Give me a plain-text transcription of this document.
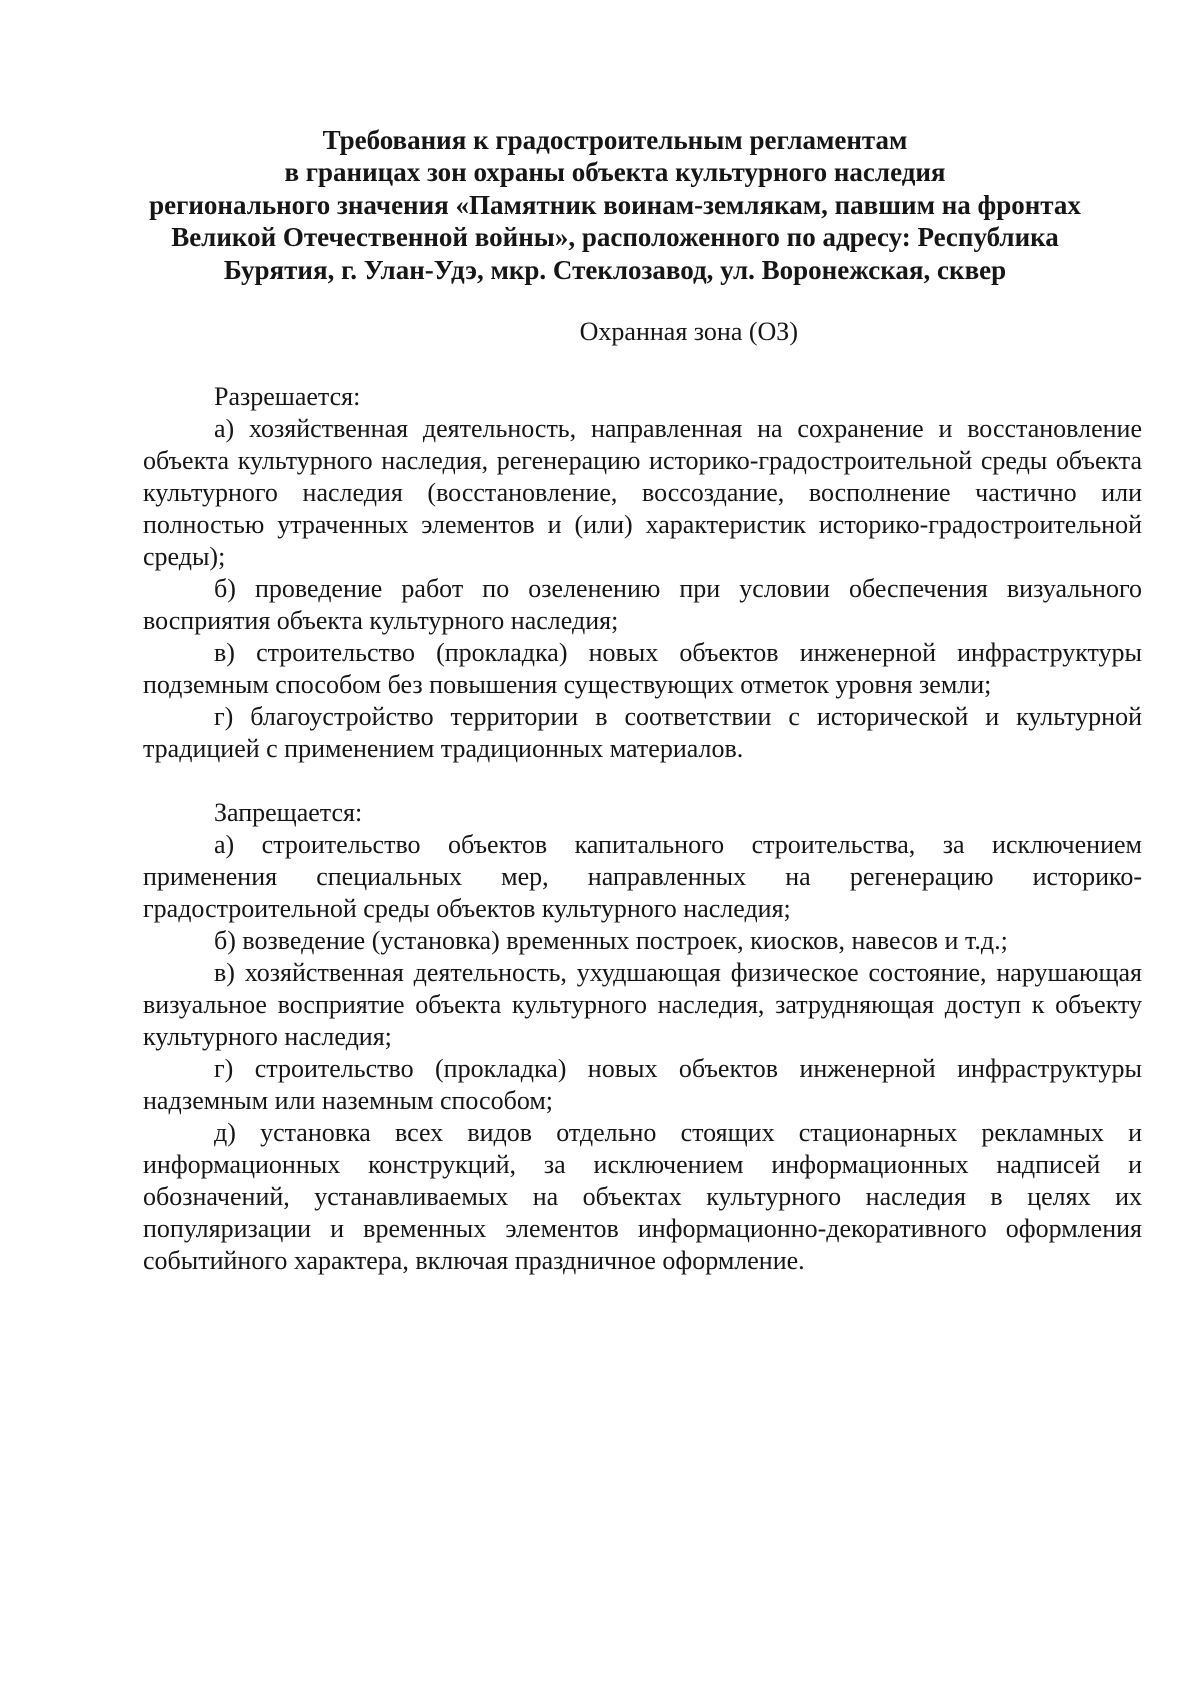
Требования к градостроительным регламентам
в границах зон охраны объекта культурного наследия
регионального значения «Памятник воинам-землякам, павшим на фронтах
Великой Отечественной войны», расположенного по адресу: Республика
Бурятия, г. Улан-Удэ, мкр. Стеклозавод, ул. Воронежская, сквер

Охранная зона (ОЗ)

Разрешается:

а) хозяйственная деятельность, направленная на сохранение и восстановление объекта культурного наследия, регенерацию историко-градостроительной среды объекта культурного наследия (восстановление, воссоздание, восполнение частично или полностью утраченных элементов и (или) характеристик историко-градостроительной среды);

б) проведение работ по озеленению при условии обеспечения визуального восприятия объекта культурного наследия;

в) строительство (прокладка) новых объектов инженерной инфраструктуры подземным способом без повышения существующих отметок уровня земли;

г) благоустройство территории в соответствии с исторической и культурной традицией с применением традиционных материалов.

Запрещается:

а) строительство объектов капитального строительства, за исключением применения специальных мер, направленных на регенерацию историко-градостроительной среды объектов культурного наследия;

б) возведение (установка) временных построек, киосков, навесов и т.д.;

в) хозяйственная деятельность, ухудшающая физическое состояние, нарушающая визуальное восприятие объекта культурного наследия, затрудняющая доступ к объекту культурного наследия;

г) строительство (прокладка) новых объектов инженерной инфраструктуры надземным или наземным способом;

д) установка всех видов отдельно стоящих стационарных рекламных и информационных конструкций, за исключением информационных надписей и обозначений, устанавливаемых на объектах культурного наследия в целях их популяризации и временных элементов информационно-декоративного оформления событийного характера, включая праздничное оформление.
